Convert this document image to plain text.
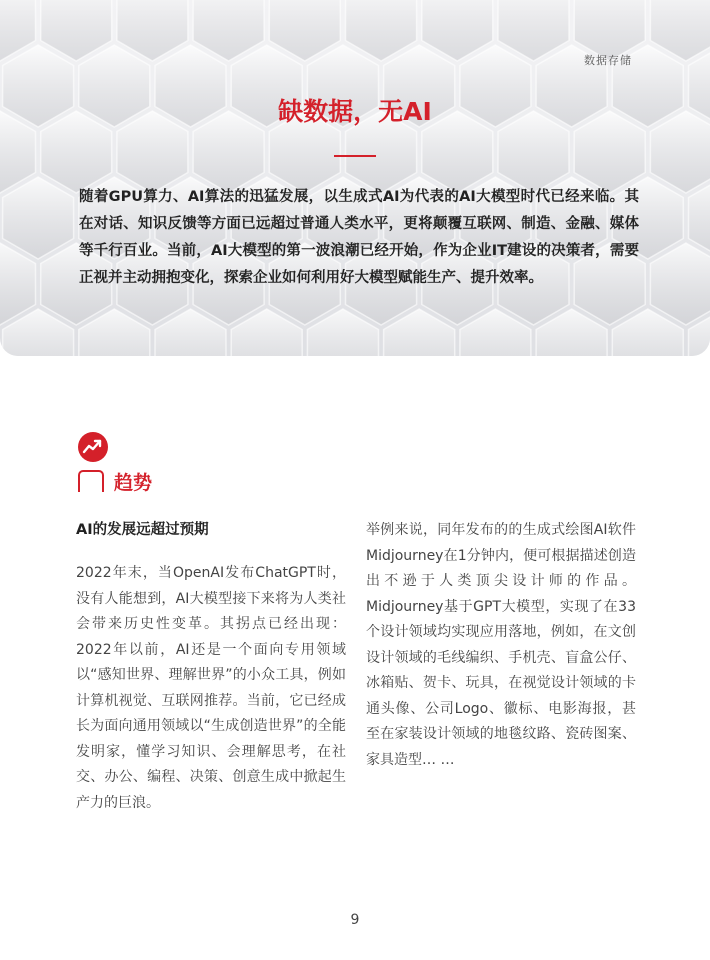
数据存储
缺数据，无AI

随着GPU算力、AI算法的迅猛发展，以生成式AI为代表的AI大模型时代已经来临。其在对话、知识反馈等方面已远超过普通人类水平，更将颠覆互联网、制造、金融、媒体等千行百业。当前，AI大模型的第一波浪潮已经开始，作为企业IT建设的决策者，需要正视并主动拥抱变化，探索企业如何利用好大模型赋能生产、提升效率。

趋势

AI的发展远超过预期

2022年末，当OpenAI发布ChatGPT时，没有人能想到，AI大模型接下来将为人类社会带来历史性变革。其拐点已经出现：2022年以前，AI还是一个面向专用领域以“感知世界、理解世界”的小众工具，例如计算机视觉、互联网推荐。当前，它已经成长为面向通用领域以“生成创造世界”的全能发明家，懂学习知识、会理解思考，在社交、办公、编程、决策、创意生成中掀起生产力的巨浪。

举例来说，同年发布的的生成式绘图AI软件Midjourney在1分钟内，便可根据描述创造出不逊于人类顶尖设计师的作品。Midjourney基于GPT大模型，实现了在33个设计领域均实现应用落地，例如，在文创设计领域的毛线编织、手机壳、盲盒公仔、冰箱贴、贺卡、玩具，在视觉设计领域的卡通头像、公司Logo、徽标、电影海报，甚至在家装设计领域的地毯纹路、瓷砖图案、家具造型… …

9
